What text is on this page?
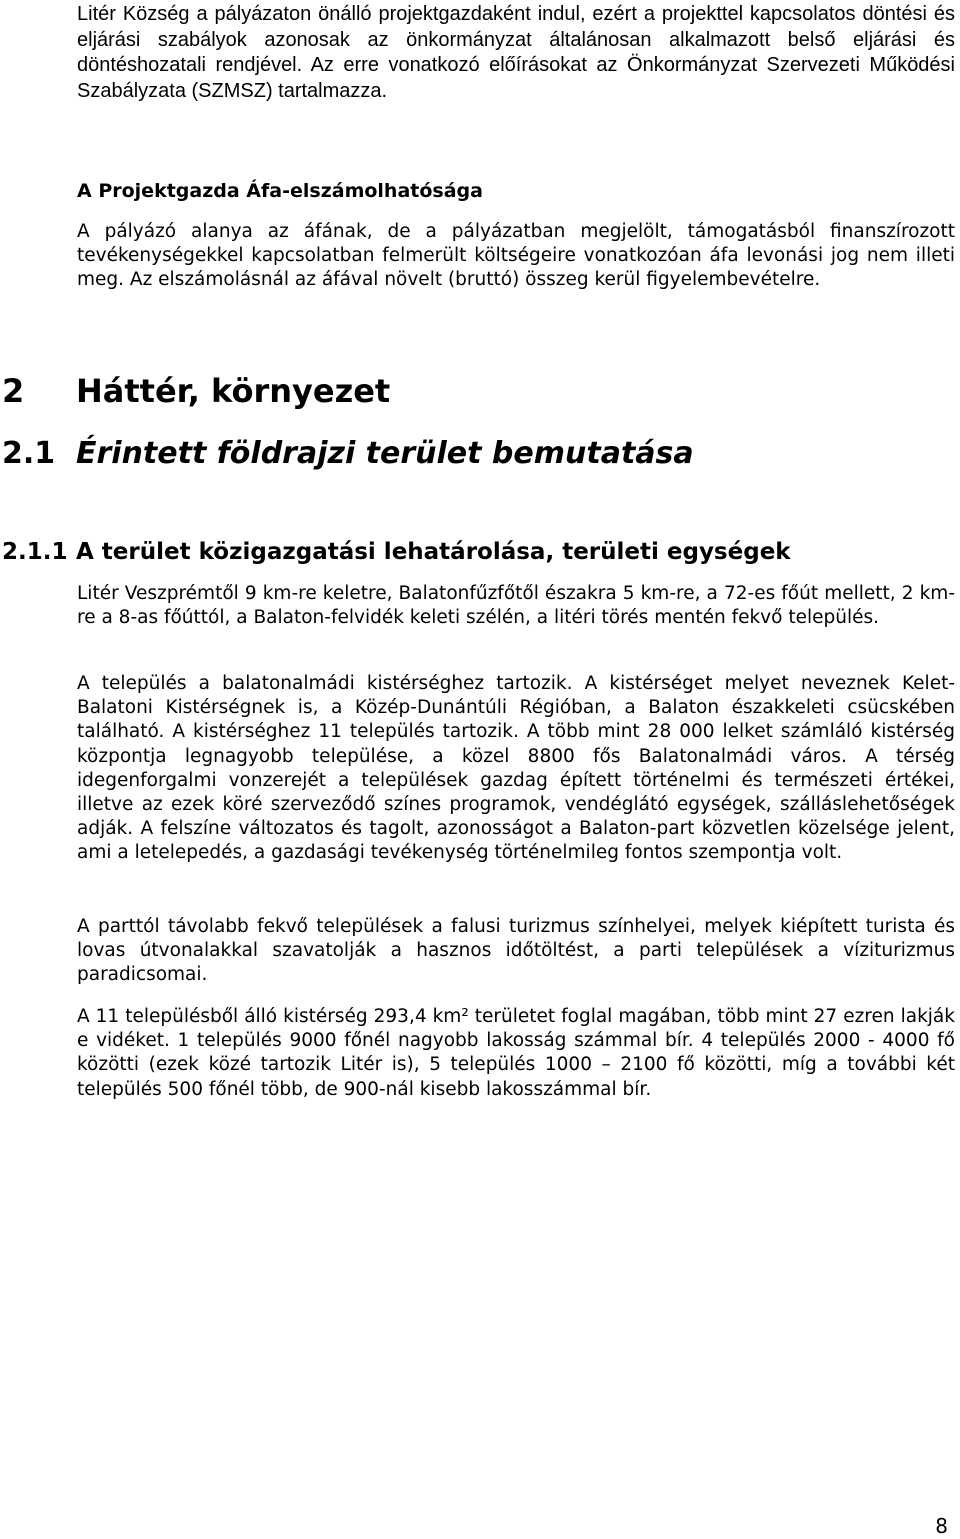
Litér Község a pályázaton önálló projektgazdaként indul, ezért a projekttel kapcsolatos döntési és eljárási szabályok azonosak az önkormányzat általánosan alkalmazott belső eljárási és döntéshozatali rendjével. Az erre vonatkozó előírásokat az Önkormányzat Szervezeti Működési Szabályzata (SZMSZ) tartalmazza.

A Projektgazda Áfa-elszámolhatósága

A pályázó alanya az áfának, de a pályázatban megjelölt, támogatásból finanszírozott tevékenységekkel kapcsolatban felmerült költségeire vonatkozóan áfa levonási jog nem illeti meg. Az elszámolásnál az áfával növelt (bruttó) összeg kerül figyelembevételre.

2 Háttér, környezet
2.1 Érintett földrajzi terület bemutatása
2.1.1 A terület közigazgatási lehatárolása, területi egységek

Litér Veszprémtől 9 km-re keletre, Balatonfűzfőtől északra 5 km-re, a 72-es főút mellett, 2 km-re a 8-as főúttól, a Balaton-felvidék keleti szélén, a litéri törés mentén fekvő település.

A település a balatonalmádi kistérséghez tartozik. A kistérséget melyet neveznek Kelet-Balatoni Kistérségnek is, a Közép-Dunántúli Régióban, a Balaton északkeleti csücskében található. A kistérséghez 11 település tartozik. A több mint 28 000 lelket számláló kistérség központja legnagyobb települése, a közel 8800 fős Balatonalmádi város. A térség idegenforgalmi vonzerejét a települések gazdag épített történelmi és természeti értékei, illetve az ezek köré szerveződő színes programok, vendéglátó egységek, szálláslehetőségek adják. A felszíne változatos és tagolt, azonosságot a Balaton-part közvetlen közelsége jelent, ami a letelepedés, a gazdasági tevékenység történelmileg fontos szempontja volt.

A parttól távolabb fekvő települések a falusi turizmus színhelyei, melyek kiépített turista és lovas útvonalakkal szavatolják a hasznos időtöltést, a parti települések a víziturizmus paradicsomai.

A 11 településből álló kistérség 293,4 km² területet foglal magában, több mint 27 ezren lakják e vidéket. 1 település 9000 főnél nagyobb lakosság számmal bír. 4 település 2000 - 4000 fő közötti (ezek közé tartozik Litér is), 5 település 1000 – 2100 fő közötti, míg a további két település 500 főnél több, de 900-nál kisebb lakosszámmal bír.

8
